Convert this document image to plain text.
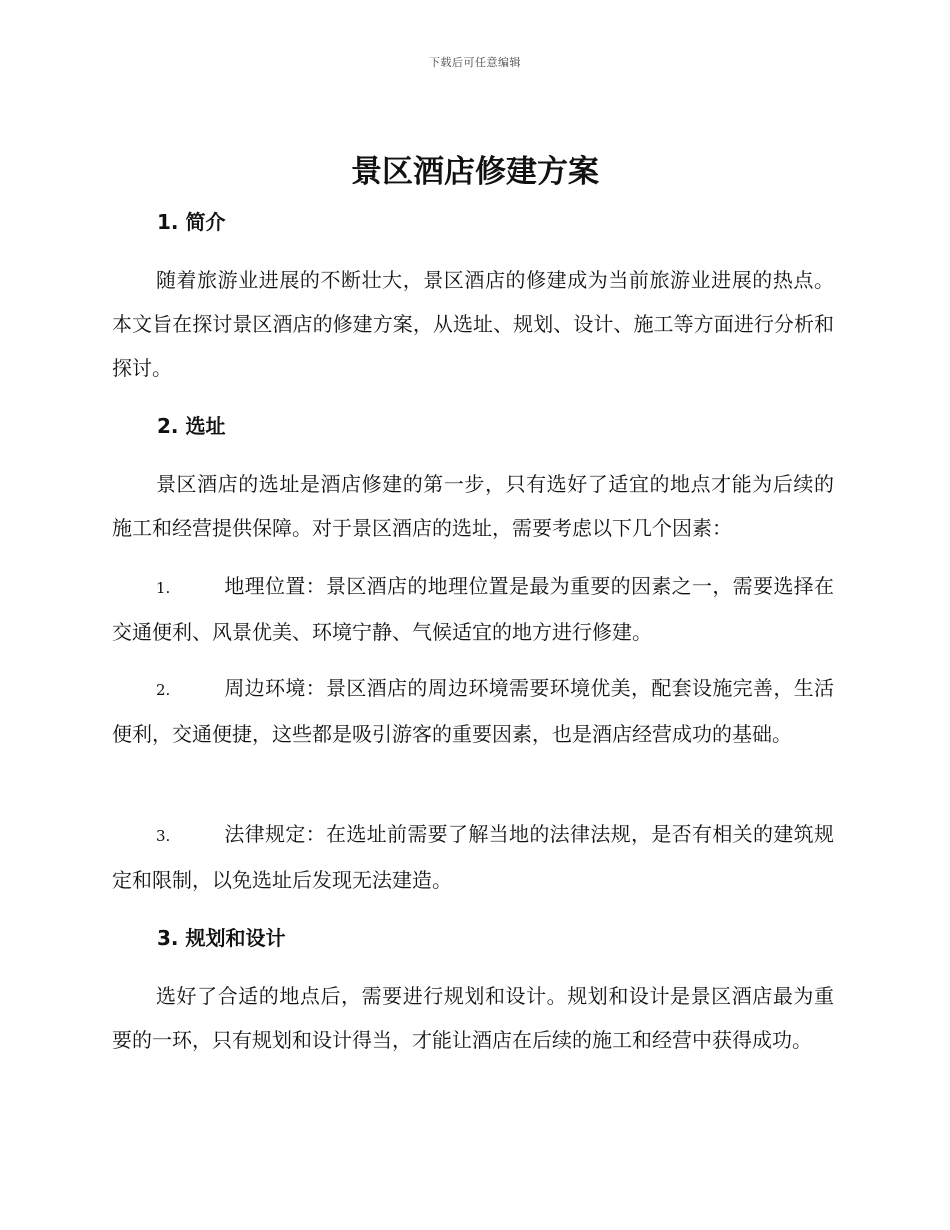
下载后可任意编辑
景区酒店修建方案
1. 简介

随着旅游业进展的不断壮大，景区酒店的修建成为当前旅游业进展的热点。本文旨在探讨景区酒店的修建方案，从选址、规划、设计、施工等方面进行分析和探讨。

2. 选址

景区酒店的选址是酒店修建的第一步，只有选好了适宜的地点才能为后续的施工和经营提供保障。对于景区酒店的选址，需要考虑以下几个因素：

1.	地理位置：景区酒店的地理位置是最为重要的因素之一，需要选择在交通便利、风景优美、环境宁静、气候适宜的地方进行修建。

2.	周边环境：景区酒店的周边环境需要环境优美，配套设施完善，生活便利，交通便捷，这些都是吸引游客的重要因素，也是酒店经营成功的基础。

3.	法律规定：在选址前需要了解当地的法律法规，是否有相关的建筑规定和限制，以免选址后发现无法建造。

3. 规划和设计

选好了合适的地点后，需要进行规划和设计。规划和设计是景区酒店最为重要的一环，只有规划和设计得当，才能让酒店在后续的施工和经营中获得成功。
